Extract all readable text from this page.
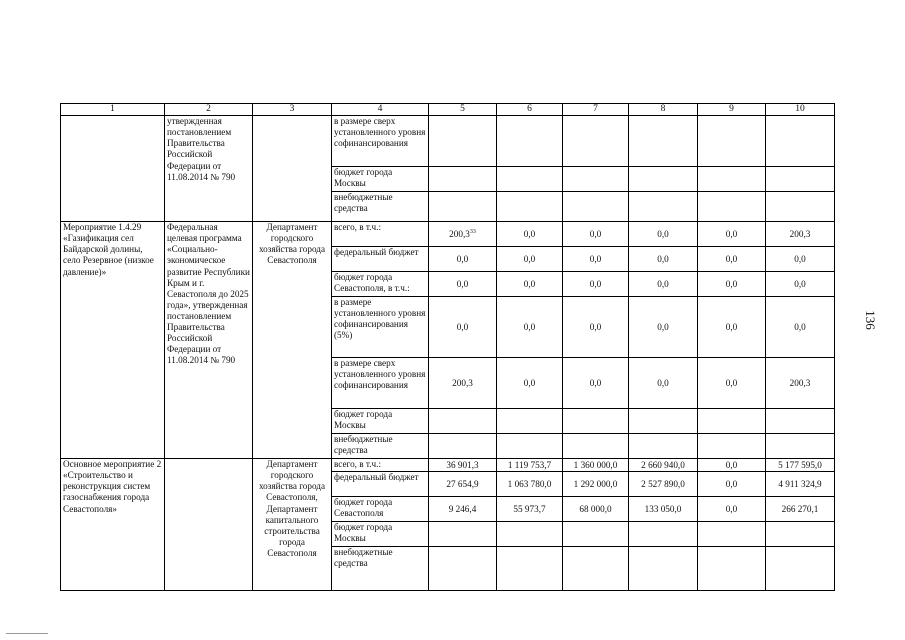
136
1	2	3	4	5	6	7	8	9	10
	утвержденная постановлением Правительства Российской Федерации от 11.08.2014 № 790		в размере сверх установленного уровня софинансирования						
			бюджет города Москвы						
			внебюджетные средства						
Мероприятие 1.4.29 «Газификация сел Байдарской долины, село Резервное (низкое давление)»	Федеральная целевая программа «Социально-экономическое развитие Республики Крым и г. Севастополя до 2025 года», утвержденная постановлением Правительства Российской Федерации от 11.08.2014 № 790	Департамент городского хозяйства города Севастополя	всего, в т.ч.:	200,3$^{33}$	0,0	0,0	0,0	0,0	200,3
			федеральный бюджет	0,0	0,0	0,0	0,0	0,0	0,0
			бюджет города Севастополя, в т.ч.:	0,0	0,0	0,0	0,0	0,0	0,0
			в размере установленного уровня софинансирования (5%)	0,0	0,0	0,0	0,0	0,0	0,0
			в размере сверх установленного уровня софинансирования	200,3	0,0	0,0	0,0	0,0	200,3
			бюджет города Москвы						
			внебюджетные средства						
Основное мероприятие 2 «Строительство и реконструкция систем газоснабжения города Севастополя»		Департамент городского хозяйства города Севастополя, Департамент капитального строительства города Севастополя	всего, в т.ч.:	36 901,3	1 119 753,7	1 360 000,0	2 660 940,0	0,0	5 177 595,0
			федеральный бюджет	27 654,9	1 063 780,0	1 292 000,0	2 527 890,0	0,0	4 911 324,9
			бюджет города Севастополя	9 246,4	55 973,7	68 000,0	133 050,0	0,0	266 270,1
			бюджет города Москвы						
			внебюджетные средства						
